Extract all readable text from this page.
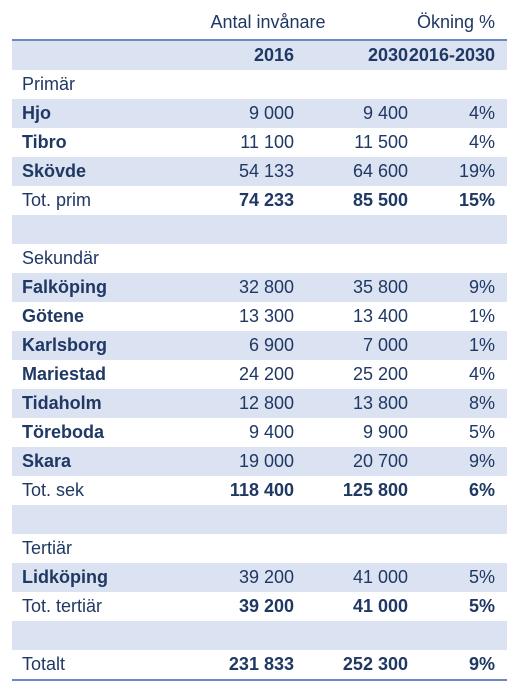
Antal invånare	Ökning %
	2016	2030	2016-2030
Primär			
Hjo	9 000	9 400	4%
Tibro	11 100	11 500	4%
Skövde	54 133	64 600	19%
Tot. prim	74 233	85 500	15%

Sekundär			
Falköping	32 800	35 800	9%
Götene	13 300	13 400	1%
Karlsborg	6 900	7 000	1%
Mariestad	24 200	25 200	4%
Tidaholm	12 800	13 800	8%
Töreboda	9 400	9 900	5%
Skara	19 000	20 700	9%
Tot. sek	118 400	125 800	6%

Tertiär			
Lidköping	39 200	41 000	5%
Tot. tertiär	39 200	41 000	5%

Totalt	231 833	252 300	9%
